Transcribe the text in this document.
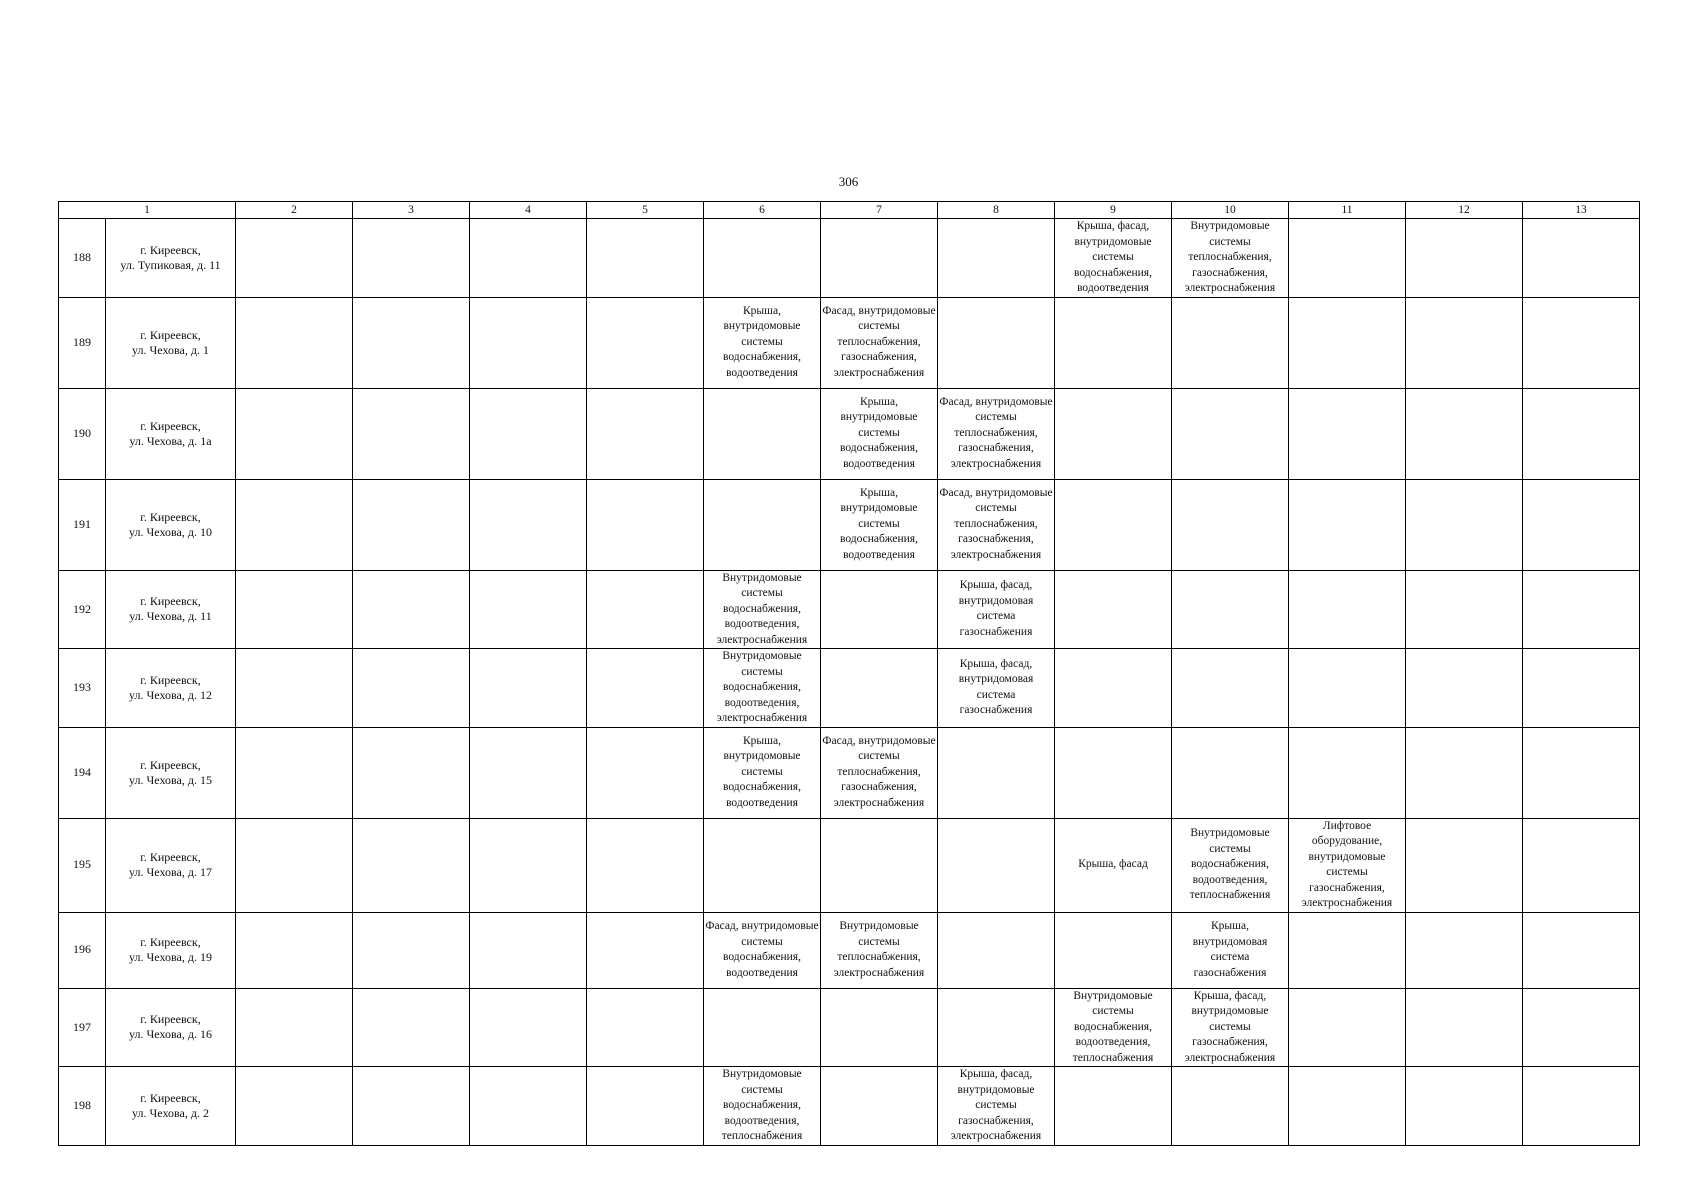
306
1		2	3	4	5	6	7	8	9	10	11	12	13
188	г. Киреевск,
ул. Тупиковая, д. 11								Крыша, фасад, внутридомовые системы водоснабжения, водоотведения	Внутридомовые системы теплоснабжения, газоснабжения, электроснабжения			
189	г. Киреевск,
ул. Чехова, д. 1					Крыша, внутридомовые системы водоснабжения, водоотведения	Фасад, внутридомовые системы теплоснабжения, газоснабжения, электроснабжения						
190	г. Киреевск,
ул. Чехова, д. 1а						Крыша, внутридомовые системы водоснабжения, водоотведения	Фасад, внутридомовые системы теплоснабжения, газоснабжения, электроснабжения					
191	г. Киреевск,
ул. Чехова, д. 10						Крыша, внутридомовые системы водоснабжения, водоотведения	Фасад, внутридомовые системы теплоснабжения, газоснабжения, электроснабжения					
192	г. Киреевск,
ул. Чехова, д. 11					Внутридомовые системы водоснабжения, водоотведения, электроснабжения		Крыша, фасад, внутридомовая система газоснабжения					
193	г. Киреевск,
ул. Чехова, д. 12					Внутридомовые системы водоснабжения, водоотведения, электроснабжения		Крыша, фасад, внутридомовая система газоснабжения					
194	г. Киреевск,
ул. Чехова, д. 15					Крыша, внутридомовые системы водоснабжения, водоотведения	Фасад, внутридомовые системы теплоснабжения, газоснабжения, электроснабжения						
195	г. Киреевск,
ул. Чехова, д. 17								Крыша, фасад	Внутридомовые системы водоснабжения, водоотведения, теплоснабжения	Лифтовое оборудование, внутридомовые системы газоснабжения, электроснабжения		
196	г. Киреевск,
ул. Чехова, д. 19					Фасад, внутридомовые системы водоснабжения, водоотведения	Внутридомовые системы теплоснабжения, электроснабжения			Крыша, внутридомовая система газоснабжения			
197	г. Киреевск,
ул. Чехова, д. 16								Внутридомовые системы водоснабжения, водоотведения, теплоснабжения	Крыша, фасад, внутридомовые системы газоснабжения, электроснабжения			
198	г. Киреевск,
ул. Чехова, д. 2					Внутридомовые системы водоснабжения, водоотведения, теплоснабжения		Крыша, фасад, внутридомовые системы газоснабжения, электроснабжения					
